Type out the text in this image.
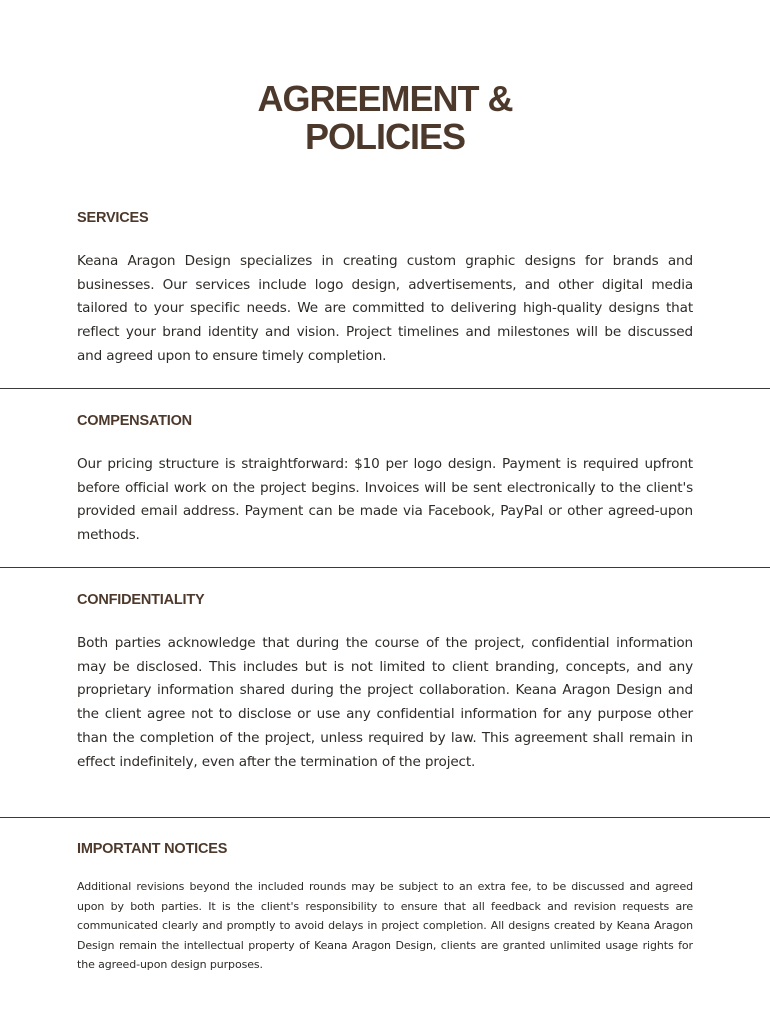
AGREEMENT &
POLICIES
SERVICES

Keana Aragon Design specializes in creating custom graphic designs for brands and businesses. Our services include logo design, advertisements, and other digital media tailored to your specific needs. We are committed to delivering high-quality designs that reflect your brand identity and vision. Project timelines and milestones will be discussed and agreed upon to ensure timely completion.

COMPENSATION

Our pricing structure is straightforward: $10 per logo design. Payment is required upfront before official work on the project begins. Invoices will be sent electronically to the client's provided email address. Payment can be made via Facebook, PayPal or other agreed-upon methods.

CONFIDENTIALITY

Both parties acknowledge that during the course of the project, confidential information may be disclosed. This includes but is not limited to client branding, concepts, and any proprietary information shared during the project collaboration. Keana Aragon Design and the client agree not to disclose or use any confidential information for any purpose other than the completion of the project, unless required by law. This agreement shall remain in effect indefinitely, even after the termination of the project.

IMPORTANT NOTICES

Additional revisions beyond the included rounds may be subject to an extra fee, to be discussed and agreed upon by both parties. It is the client's responsibility to ensure that all feedback and revision requests are communicated clearly and promptly to avoid delays in project completion. All designs created by Keana Aragon Design remain the intellectual property of Keana Aragon Design, clients are granted unlimited usage rights for the agreed-upon design purposes.
